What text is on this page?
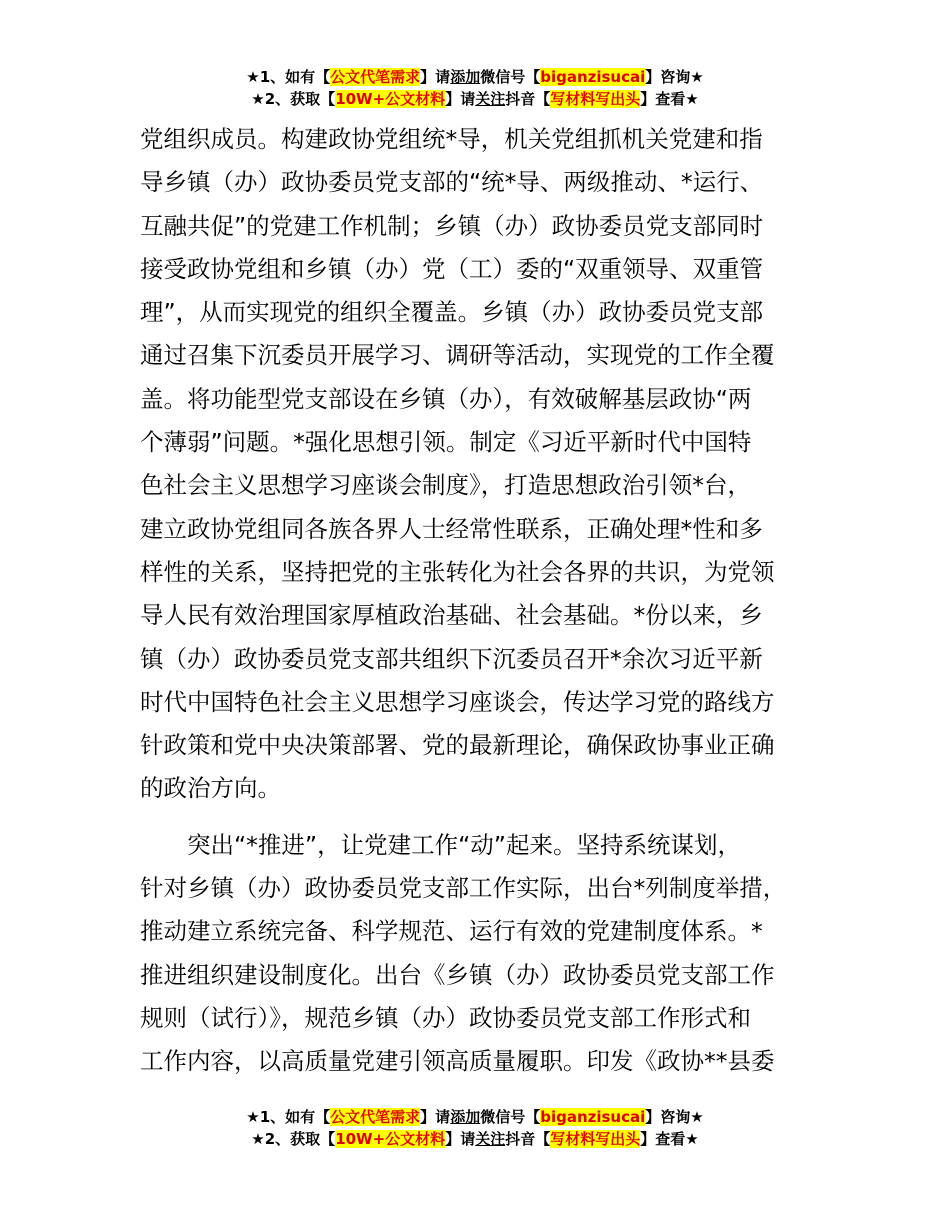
★1、如有【公文代笔需求】请添加微信号【biganzisucai】咨询★
★2、获取【10W+公文材料】请关注抖音【写材料写出头】查看★
党组织成员。构建政协党组统*导，机关党组抓机关党建和指
导乡镇（办）政协委员党支部的“统*导、两级推动、*运行、
互融共促”的党建工作机制；乡镇（办）政协委员党支部同时
接受政协党组和乡镇（办）党（工）委的“双重领导、双重管
理”，从而实现党的组织全覆盖。乡镇（办）政协委员党支部
通过召集下沉委员开展学习、调研等活动，实现党的工作全覆
盖。将功能型党支部设在乡镇（办），有效破解基层政协“两
个薄弱”问题。*强化思想引领。制定《习近平新时代中国特
色社会主义思想学习座谈会制度》，打造思想政治引领*台，
建立政协党组同各族各界人士经常性联系，正确处理*性和多
样性的关系，坚持把党的主张转化为社会各界的共识，为党领
导人民有效治理国家厚植政治基础、社会基础。*份以来，乡
镇（办）政协委员党支部共组织下沉委员召开*余次习近平新
时代中国特色社会主义思想学习座谈会，传达学习党的路线方
针政策和党中央决策部署、党的最新理论，确保政协事业正确
的政治方向。
突出“*推进”，让党建工作“动”起来。坚持系统谋划，
针对乡镇（办）政协委员党支部工作实际，出台*列制度举措，
推动建立系统完备、科学规范、运行有效的党建制度体系。*
推进组织建设制度化。出台《乡镇（办）政协委员党支部工作
规则（试行）》，规范乡镇（办）政协委员党支部工作形式和
工作内容，以高质量党建引领高质量履职。印发《政协**县委
★1、如有【公文代笔需求】请添加微信号【biganzisucai】咨询★
★2、获取【10W+公文材料】请关注抖音【写材料写出头】查看★
